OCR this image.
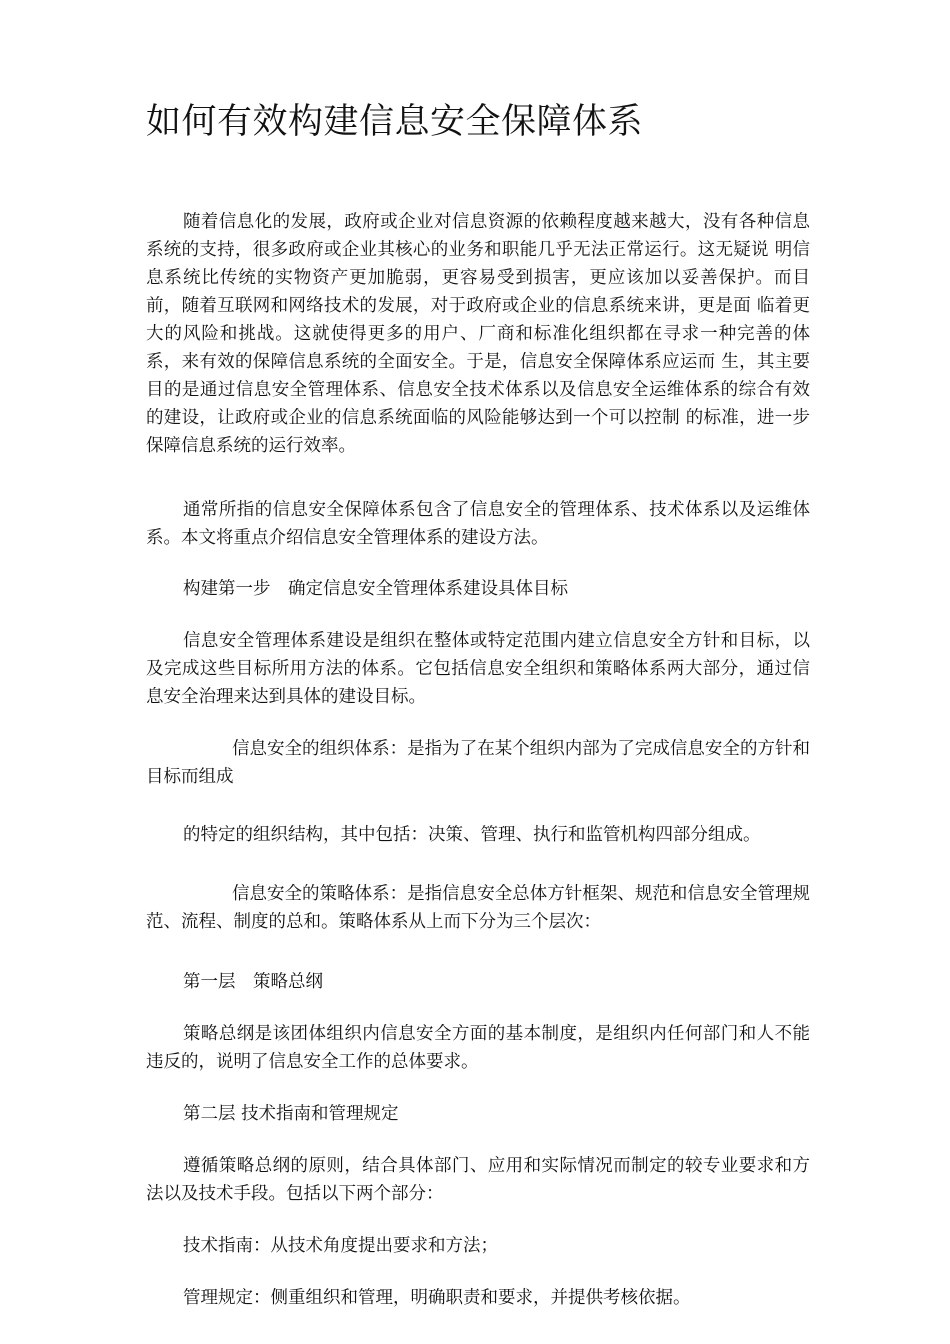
如何有效构建信息安全保障体系

随着信息化的发展，政府或企业对信息资源的依赖程度越来越大，没有各种信息系统的支持，很多政府或企业其核心的业务和职能几乎无法正常运行。这无疑说 明信息系统比传统的实物资产更加脆弱，更容易受到损害，更应该加以妥善保护。而目前，随着互联网和网络技术的发展，对于政府或企业的信息系统来讲，更是面 临着更大的风险和挑战。这就使得更多的用户、厂商和标准化组织都在寻求一种完善的体系，来有效的保障信息系统的全面安全。于是，信息安全保障体系应运而 生，其主要目的是通过信息安全管理体系、信息安全技术体系以及信息安全运维体系的综合有效的建设，让政府或企业的信息系统面临的风险能够达到一个可以控制 的标准，进一步保障信息系统的运行效率。

通常所指的信息安全保障体系包含了信息安全的管理体系、技术体系以及运维体系。本文将重点介绍信息安全管理体系的建设方法。

构建第一步　确定信息安全管理体系建设具体目标

信息安全管理体系建设是组织在整体或特定范围内建立信息安全方针和目标，以及完成这些目标所用方法的体系。它包括信息安全组织和策略体系两大部分，通过信息安全治理来达到具体的建设目标。

信息安全的组织体系：是指为了在某个组织内部为了完成信息安全的方针和目标而组成

的特定的组织结构，其中包括：决策、管理、执行和监管机构四部分组成。

信息安全的策略体系：是指信息安全总体方针框架、规范和信息安全管理规范、流程、制度的总和。策略体系从上而下分为三个层次：

第一层　策略总纲

策略总纲是该团体组织内信息安全方面的基本制度，是组织内任何部门和人不能违反的，说明了信息安全工作的总体要求。

第二层 技术指南和管理规定

遵循策略总纲的原则，结合具体部门、应用和实际情况而制定的较专业要求和方法以及技术手段。包括以下两个部分：

技术指南：从技术角度提出要求和方法；

管理规定：侧重组织和管理，明确职责和要求，并提供考核依据。
